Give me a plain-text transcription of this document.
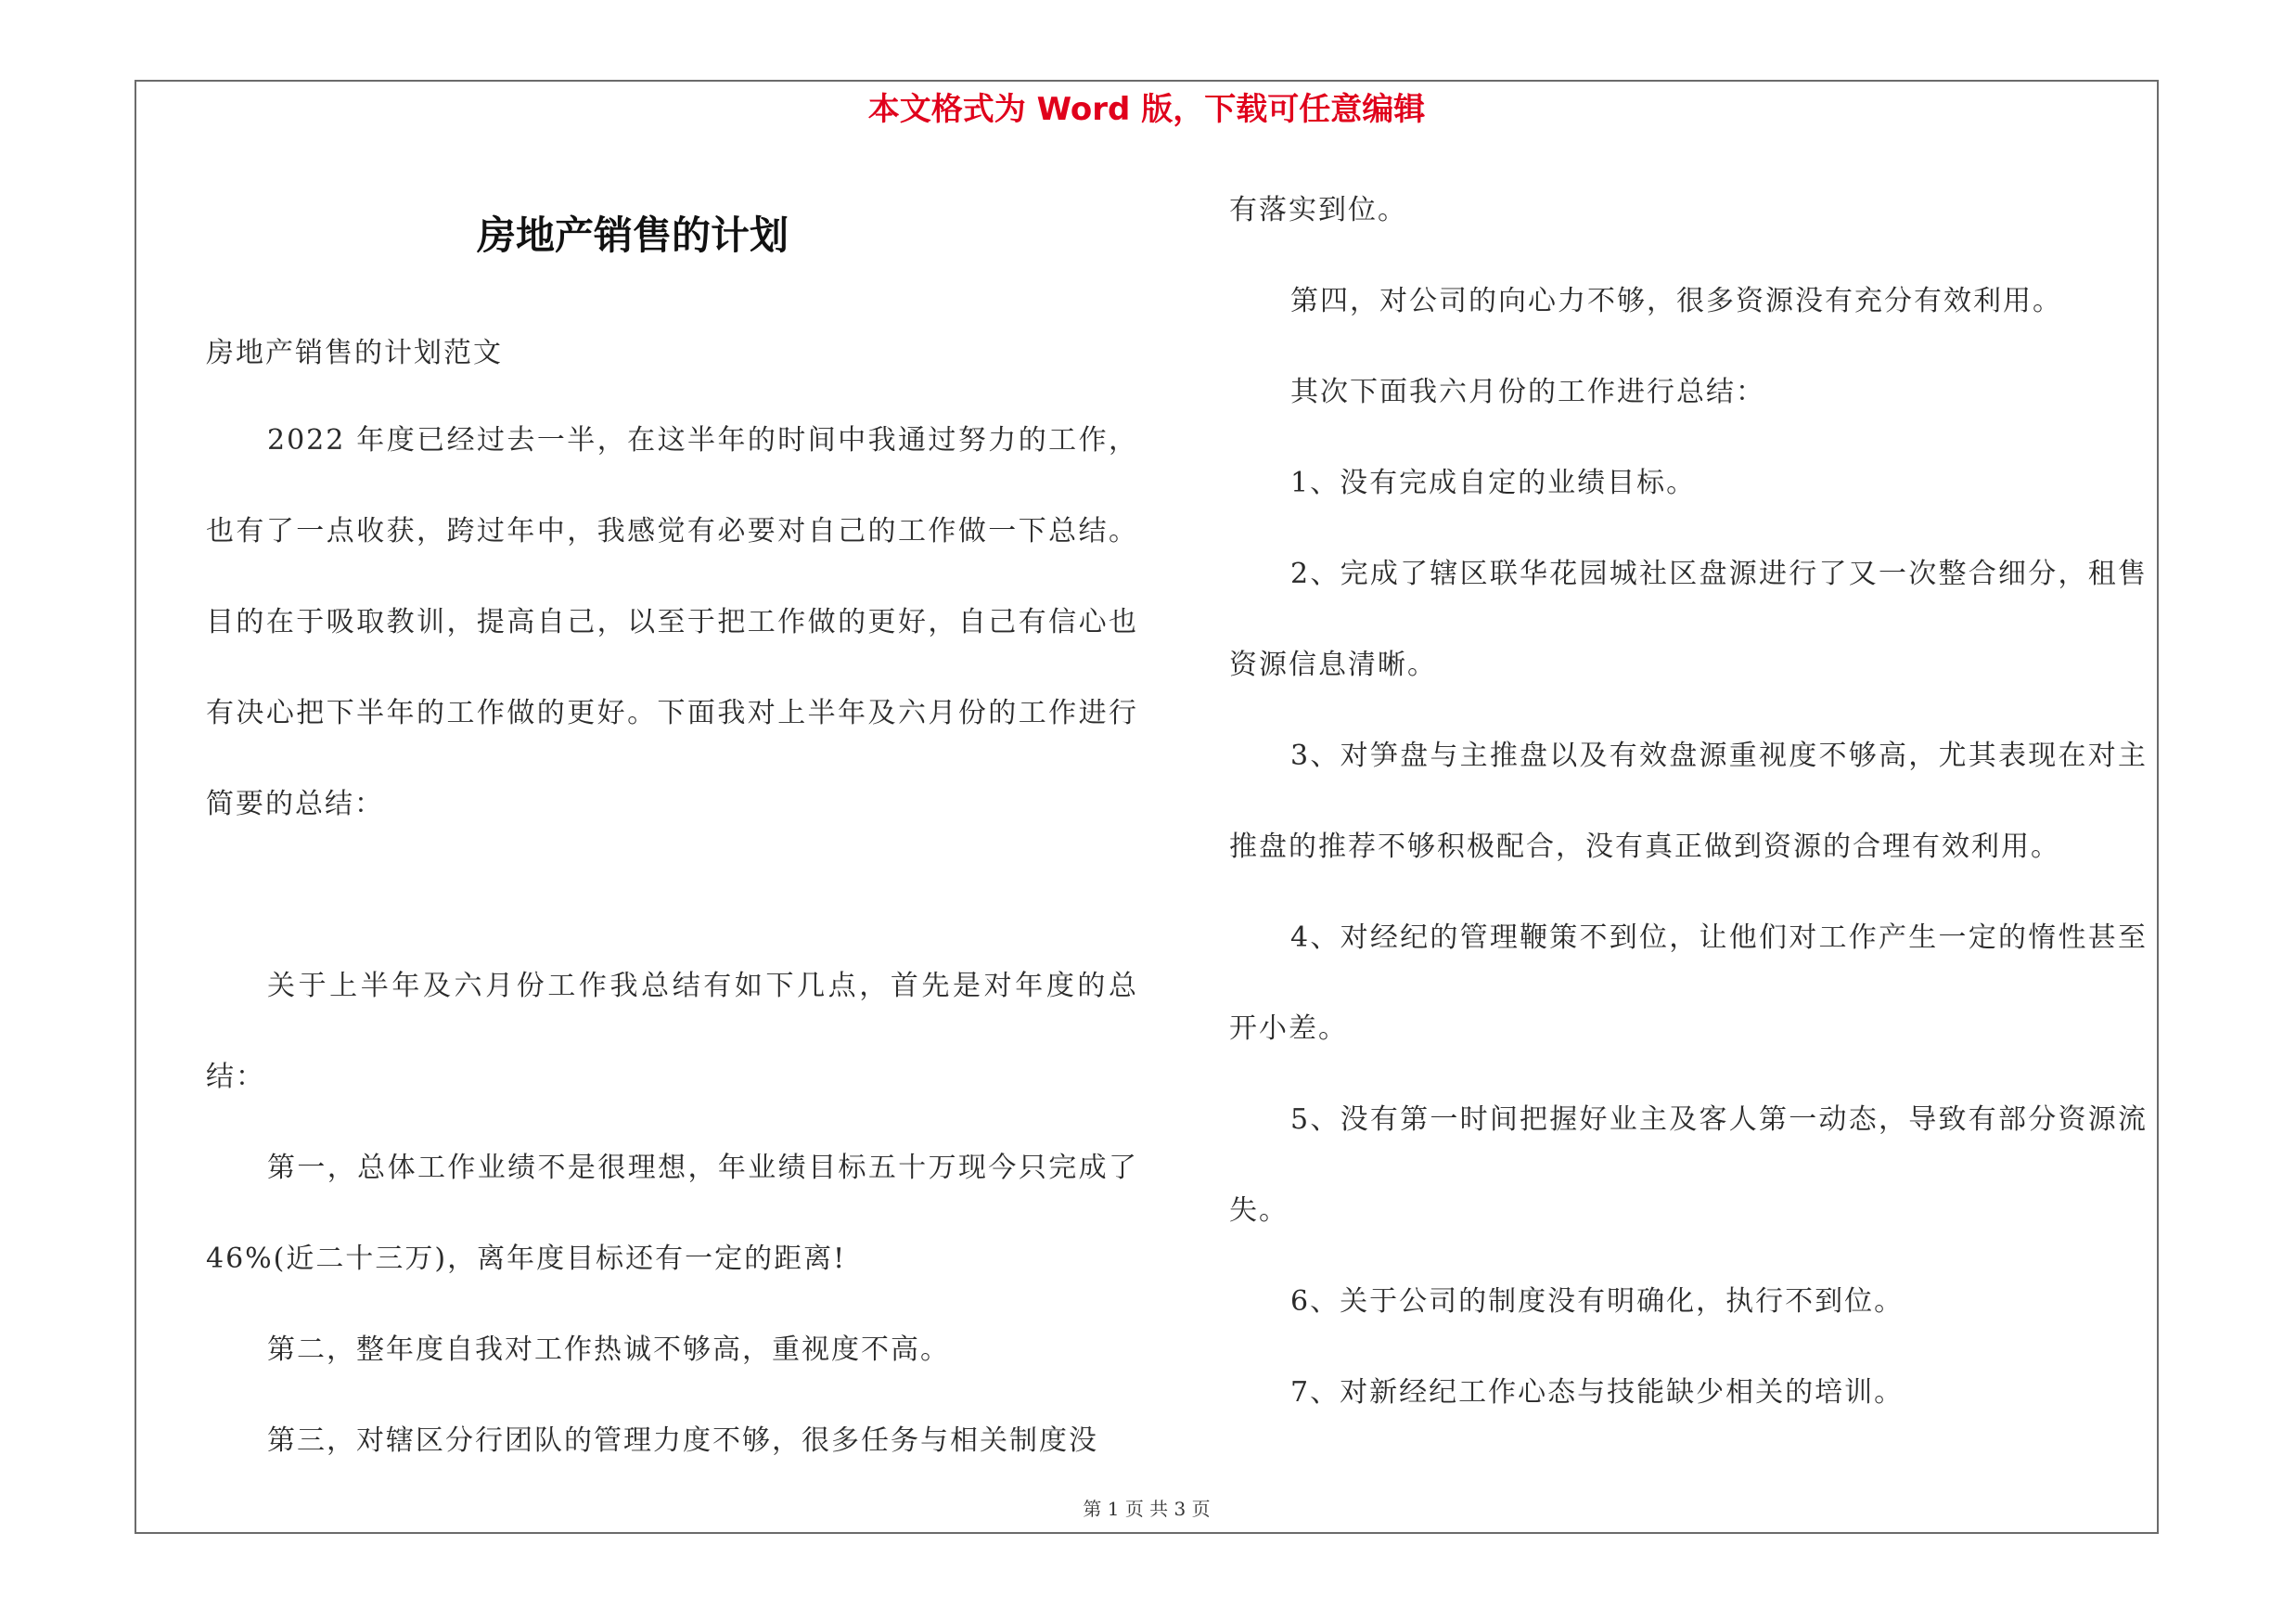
本文格式为 Word 版，下载可任意编辑
房地产销售的计划

房地产销售的计划范文

2022 年度已经过去一半，在这半年的时间中我通过努力的工作，也有了一点收获，跨过年中，我感觉有必要对自己的工作做一下总结。目的在于吸取教训，提高自己，以至于把工作做的更好，自己有信心也有决心把下半年的工作做的更好。下面我对上半年及六月份的工作进行简要的总结：

关于上半年及六月份工作我总结有如下几点，首先是对年度的总结：

第一，总体工作业绩不是很理想，年业绩目标五十万现今只完成了 46%(近二十三万)，离年度目标还有一定的距离!

第二，整年度自我对工作热诚不够高，重视度不高。

第三，对辖区分行团队的管理力度不够，很多任务与相关制度没

有落实到位。

第四，对公司的向心力不够，很多资源没有充分有效利用。

其次下面我六月份的工作进行总结：

1、没有完成自定的业绩目标。

2、完成了辖区联华花园城社区盘源进行了又一次整合细分，租售资源信息清晰。

3、对笋盘与主推盘以及有效盘源重视度不够高，尤其表现在对主推盘的推荐不够积极配合，没有真正做到资源的合理有效利用。

4、对经纪的管理鞭策不到位，让他们对工作产生一定的惰性甚至开小差。

5、没有第一时间把握好业主及客人第一动态，导致有部分资源流失。

6、关于公司的制度没有明确化，执行不到位。

7、对新经纪工作心态与技能缺少相关的培训。

第 1 页 共 3 页
